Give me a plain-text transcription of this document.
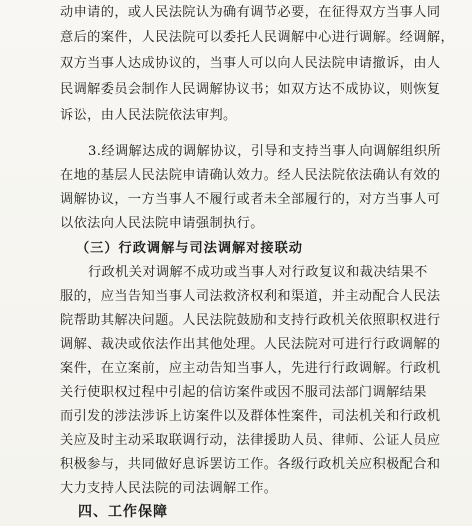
动申请的，或人民法院认为确有调节必要，在征得双方当事人同
意后的案件，人民法院可以委托人民调解中心进行调解。经调解，
双方当事人达成协议的，当事人可以向人民法院申请撤诉，由人
民调解委员会制作人民调解协议书；如双方达不成协议，则恢复
诉讼，由人民法院依法审判。
3.经调解达成的调解协议，引导和支持当事人向调解组织所
在地的基层人民法院申请确认效力。经人民法院依法确认有效的
调解协议，一方当事人不履行或者未全部履行的，对方当事人可
以依法向人民法院申请强制执行。
（三）行政调解与司法调解对接联动
行政机关对调解不成功或当事人对行政复议和裁决结果不
服的，应当告知当事人司法救济权利和渠道，并主动配合人民法
院帮助其解决问题。人民法院鼓励和支持行政机关依照职权进行
调解、裁决或依法作出其他处理。人民法院对可进行行政调解的
案件，在立案前，应主动告知当事人，先进行行政调解。行政机
关行使职权过程中引起的信访案件或因不服司法部门调解结果
而引发的涉法涉诉上访案件以及群体性案件，司法机关和行政机
关应及时主动采取联调行动，法律援助人员、律师、公证人员应
积极参与，共同做好息诉罢访工作。各级行政机关应积极配合和
大力支持人民法院的司法调解工作。
四、工作保障
